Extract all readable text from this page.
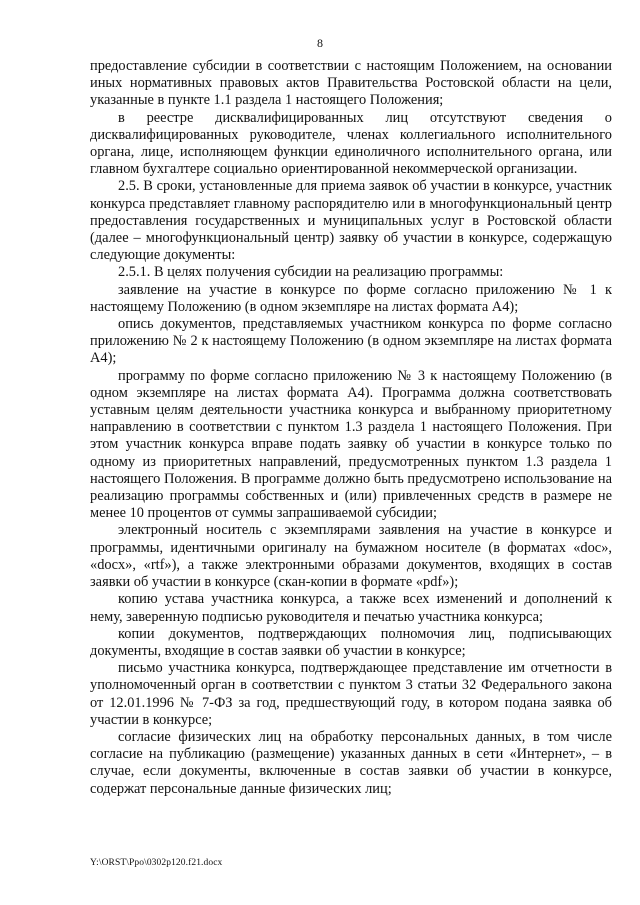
8

предоставление субсидии в соответствии с настоящим Положением, на основании иных нормативных правовых актов Правительства Ростовской области на цели, указанные в пункте 1.1 раздела 1 настоящего Положения;

в реестре дисквалифицированных лиц отсутствуют сведения о дисквалифицированных руководителе, членах коллегиального исполнительного органа, лице, исполняющем функции единоличного исполнительного органа, или главном бухгалтере социально ориентированной некоммерческой организации.

2.5. В сроки, установленные для приема заявок об участии в конкурсе, участник конкурса представляет главному распорядителю или в многофункциональный центр предоставления государственных и муниципальных услуг в Ростовской области (далее – многофункциональный центр) заявку об участии в конкурсе, содержащую следующие документы:

2.5.1. В целях получения субсидии на реализацию программы:

заявление на участие в конкурсе по форме согласно приложению № 1 к настоящему Положению (в одном экземпляре на листах формата А4);

опись документов, представляемых участником конкурса по форме согласно приложению № 2 к настоящему Положению (в одном экземпляре на листах формата А4);

программу по форме согласно приложению № 3 к настоящему Положению (в одном экземпляре на листах формата А4). Программа должна соответствовать уставным целям деятельности участника конкурса и выбранному приоритетному направлению в соответствии с пунктом 1.3 раздела 1 настоящего Положения. При этом участник конкурса вправе подать заявку об участии в конкурсе только по одному из приоритетных направлений, предусмотренных пунктом 1.3 раздела 1 настоящего Положения. В программе должно быть предусмотрено использование на реализацию программы собственных и (или) привлеченных средств в размере не менее 10 процентов от суммы запрашиваемой субсидии;

электронный носитель с экземплярами заявления на участие в конкурсе и программы, идентичными оригиналу на бумажном носителе (в форматах «doc», «docx», «rtf»), а также электронными образами документов, входящих в состав заявки об участии в конкурсе (скан-копии в формате «pdf»);

копию устава участника конкурса, а также всех изменений и дополнений к нему, заверенную подписью руководителя и печатью участника конкурса;

копии документов, подтверждающих полномочия лиц, подписывающих документы, входящие в состав заявки об участии в конкурсе;

письмо участника конкурса, подтверждающее представление им отчетности в уполномоченный орган в соответствии с пунктом 3 статьи 32 Федерального закона от 12.01.1996 № 7-ФЗ за год, предшествующий году, в котором подана заявка об участии в конкурсе;

согласие физических лиц на обработку персональных данных, в том числе согласие на публикацию (размещение) указанных данных в сети «Интернет», – в случае, если документы, включенные в состав заявки об участии в конкурсе, содержат персональные данные физических лиц;

Y:\ORST\Ppo\0302p120.f21.docx
